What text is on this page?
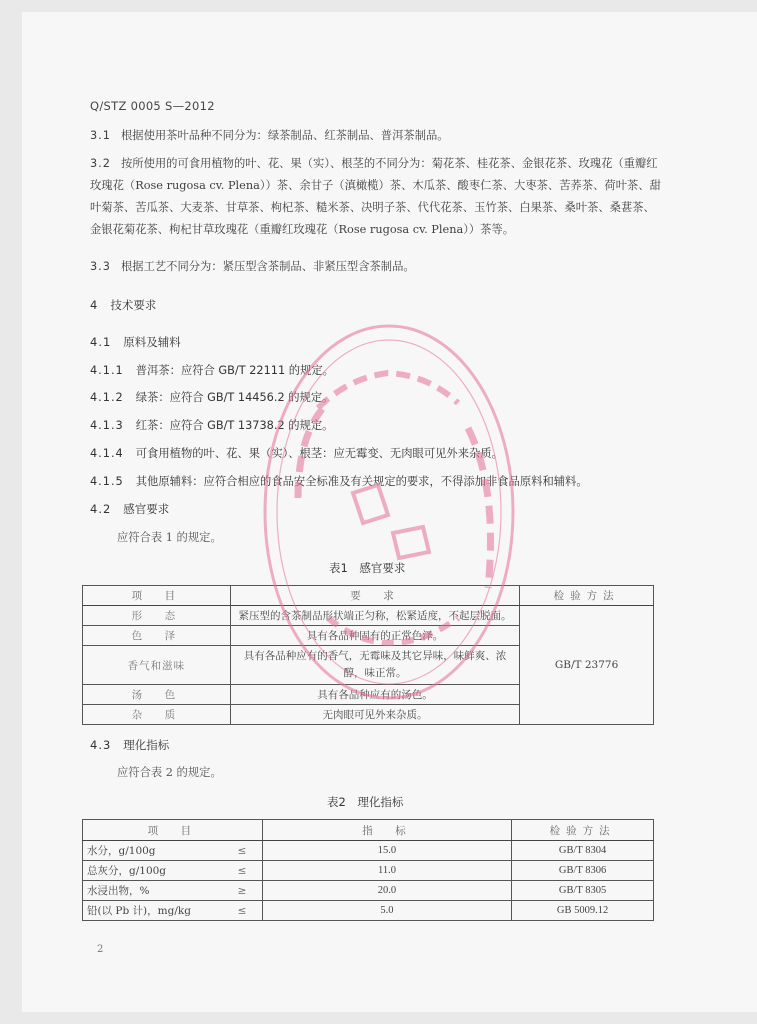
Q/STZ 0005 S—2012
3.1 根据使用茶叶品种不同分为：绿茶制品、红茶制品、普洱茶制品。
3.2 按所使用的可食用植物的叶、花、果（实）、根茎的不同分为：菊花茶、桂花茶、金银花茶、玫瑰花（重瓣红玫瑰花（Rose rugosa cv. Plena））茶、余甘子（滇橄榄）茶、木瓜茶、酸枣仁茶、大枣茶、苦荞茶、荷叶茶、甜叶菊茶、苦瓜茶、大麦茶、甘草茶、枸杞茶、糙米茶、决明子茶、代代花茶、玉竹茶、白果茶、桑叶茶、桑葚茶、金银花菊花茶、枸杞甘草玫瑰花（重瓣红玫瑰花（Rose rugosa cv. Plena））茶等。
3.3 根据工艺不同分为：紧压型含茶制品、非紧压型含茶制品。
4 技术要求
4.1 原料及辅料
4.1.1 普洱茶：应符合 GB/T 22111 的规定。
4.1.2 绿茶：应符合 GB/T 14456.2 的规定。
4.1.3 红茶：应符合 GB/T 13738.2 的规定。
4.1.4 可食用植物的叶、花、果（实）、根茎：应无霉变、无肉眼可见外来杂质。
4.1.5 其他原辅料：应符合相应的食品安全标准及有关规定的要求，不得添加非食品原料和辅料。
4.2 感官要求
应符合表 1 的规定。
表1　感官要求
项　目	要　求	检验方法
形　态	紧压型的含茶制品形状端正匀称，松紧适度，不起层脱面。	GB/T 23776
色　泽	具有各品种固有的正常色泽。	
香气和滋味	具有各品种应有的香气，无霉味及其它异味，味鲜爽、浓醇，味正常。	
汤　色	具有各品种应有的汤色。	
杂　质	无肉眼可见外来杂质。	
4.3 理化指标
应符合表 2 的规定。
表2　理化指标
项　目		指　标	检验方法
水分，g/100g	≤	15.0	GB/T 8304
总灰分，g/100g	≤	11.0	GB/T 8306
水浸出物，%	≥	20.0	GB/T 8305
铅(以 Pb 计)，mg/kg	≤	5.0	GB 5009.12
2
